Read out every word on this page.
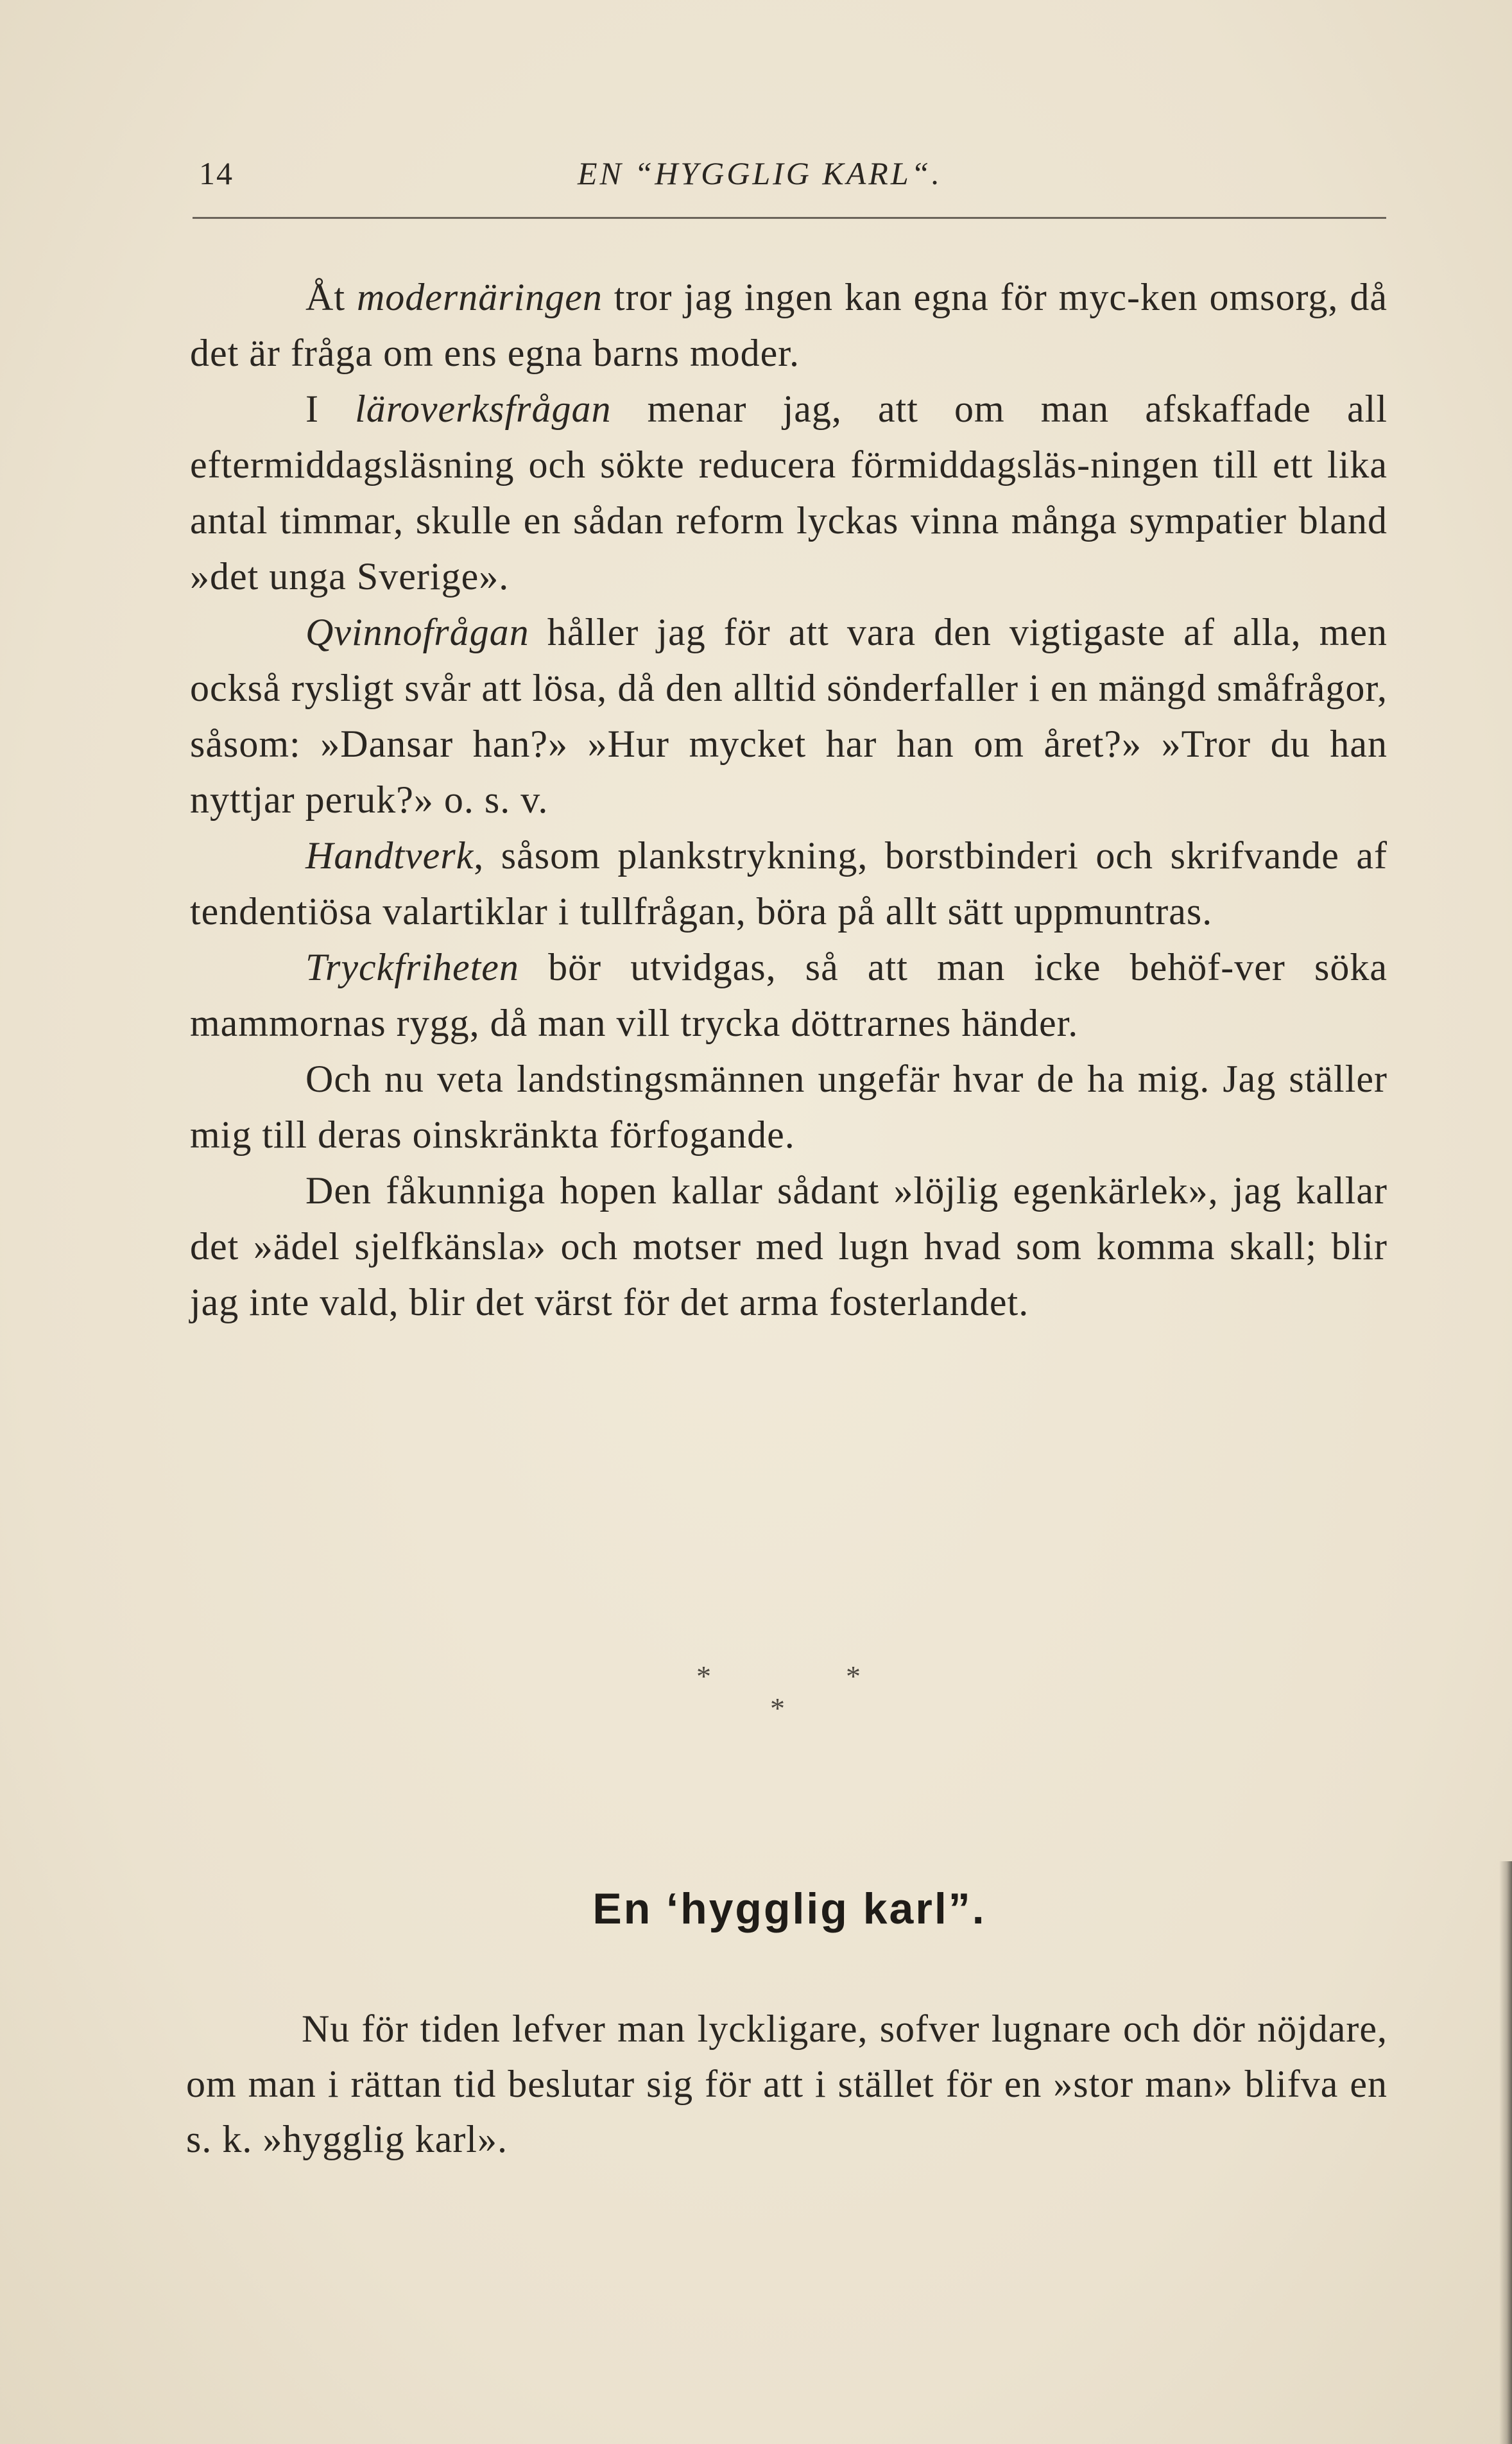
14	EN “HYGGLIG KARL“.

Åt modernäringen tror jag ingen kan egna för myc-ken omsorg, då det är fråga om ens egna barns moder.

I läroverksfrågan menar jag, att om man afskaffade all eftermiddagsläsning och sökte reducera förmiddagsläs-ningen till ett lika antal timmar, skulle en sådan reform lyckas vinna många sympatier bland »det unga Sverige».

Qvinnofrågan håller jag för att vara den vigtigaste af alla, men också rysligt svår att lösa, då den alltid sönderfaller i en mängd småfrågor, såsom: »Dansar han?» »Hur mycket har han om året?» »Tror du han nyttjar peruk?» o. s. v.

Handtverk, såsom plankstrykning, borstbinderi och skrifvande af tendentiösa valartiklar i tullfrågan, böra på allt sätt uppmuntras.

Tryckfriheten bör utvidgas, så att man icke behöf-ver söka mammornas rygg, då man vill trycka döttrarnes händer.

Och nu veta landstingsmännen ungefär hvar de ha mig. Jag ställer mig till deras oinskränkta förfogande.

Den fåkunniga hopen kallar sådant »löjlig egenkärlek», jag kallar det »ädel sjelfkänsla» och motser med lugn hvad som komma skall; blir jag inte vald, blir det värst för det arma fosterlandet.

*	*
*
En ‘hygglig karl”.

Nu för tiden lefver man lyckligare, sofver lugnare och dör nöjdare, om man i rättan tid beslutar sig för att i stället för en »stor man» blifva en s. k. »hygglig karl».
